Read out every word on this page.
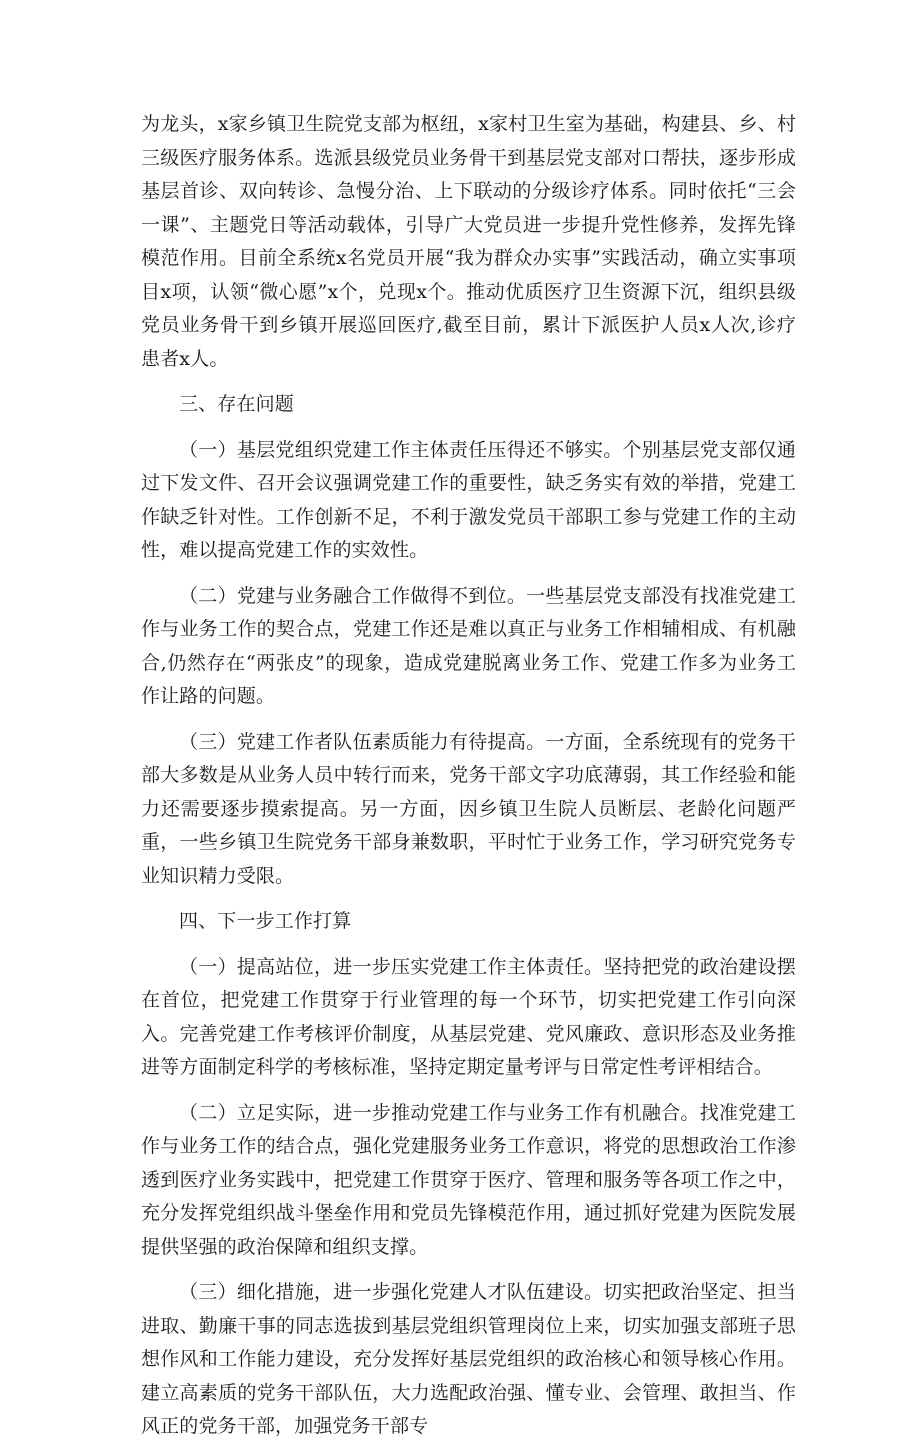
为龙头，x家乡镇卫生院党支部为枢纽，x家村卫生室为基础，构建县、乡、村三级医疗服务体系。选派县级党员业务骨干到基层党支部对口帮扶，逐步形成基层首诊、双向转诊、急慢分治、上下联动的分级诊疗体系。同时依托“三会一课”、主题党日等活动载体，引导广大党员进一步提升党性修养，发挥先锋模范作用。目前全系统x名党员开展“我为群众办实事”实践活动，确立实事项目x项，认领“微心愿”x个，兑现x个。推动优质医疗卫生资源下沉，组织县级党员业务骨干到乡镇开展巡回医疗,截至目前，累计下派医护人员x人次,诊疗患者x人。

三、存在问题

（一）基层党组织党建工作主体责任压得还不够实。个别基层党支部仅通过下发文件、召开会议强调党建工作的重要性，缺乏务实有效的举措，党建工作缺乏针对性。工作创新不足，不利于激发党员干部职工参与党建工作的主动性，难以提高党建工作的实效性。

（二）党建与业务融合工作做得不到位。一些基层党支部没有找准党建工作与业务工作的契合点，党建工作还是难以真正与业务工作相辅相成、有机融合,仍然存在“两张皮”的现象，造成党建脱离业务工作、党建工作多为业务工作让路的问题。

（三）党建工作者队伍素质能力有待提高。一方面，全系统现有的党务干部大多数是从业务人员中转行而来，党务干部文字功底薄弱，其工作经验和能力还需要逐步摸索提高。另一方面，因乡镇卫生院人员断层、老龄化问题严重，一些乡镇卫生院党务干部身兼数职，平时忙于业务工作，学习研究党务专业知识精力受限。

四、下一步工作打算

（一）提高站位，进一步压实党建工作主体责任。坚持把党的政治建设摆在首位，把党建工作贯穿于行业管理的每一个环节，切实把党建工作引向深入。完善党建工作考核评价制度，从基层党建、党风廉政、意识形态及业务推进等方面制定科学的考核标准，坚持定期定量考评与日常定性考评相结合。

（二）立足实际，进一步推动党建工作与业务工作有机融合。找准党建工作与业务工作的结合点，强化党建服务业务工作意识，将党的思想政治工作渗透到医疗业务实践中，把党建工作贯穿于医疗、管理和服务等各项工作之中，充分发挥党组织战斗堡垒作用和党员先锋模范作用，通过抓好党建为医院发展提供坚强的政治保障和组织支撑。

（三）细化措施，进一步强化党建人才队伍建设。切实把政治坚定、担当进取、勤廉干事的同志选拔到基层党组织管理岗位上来，切实加强支部班子思想作风和工作能力建设，充分发挥好基层党组织的政治核心和领导核心作用。建立高素质的党务干部队伍，大力选配政治强、懂专业、会管理、敢担当、作风正的党务干部，加强党务干部专
